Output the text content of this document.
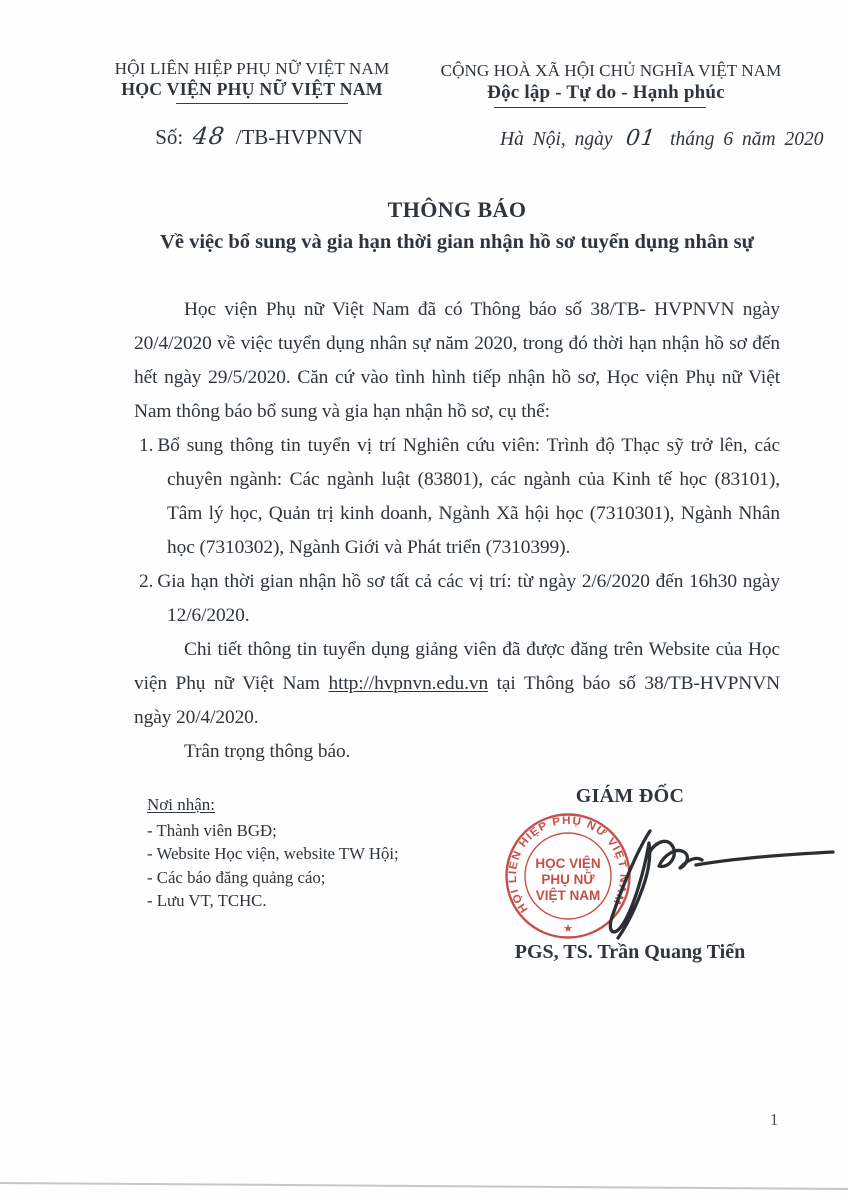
HỘI LIÊN HIỆP PHỤ NỮ VIỆT NAM
HỌC VIỆN PHỤ NỮ VIỆT NAM
Số: 48 /TB-HVPNVN
CỘNG HOÀ XÃ HỘI CHỦ NGHĨA VIỆT NAM
Độc lập - Tự do - Hạnh phúc
Hà Nội, ngày 01 tháng 6 năm 2020
THÔNG BÁO
Về việc bổ sung và gia hạn thời gian nhận hồ sơ tuyển dụng nhân sự

Học viện Phụ nữ Việt Nam đã có Thông báo số 38/TB- HVPNVN ngày 20/4/2020 về việc tuyển dụng nhân sự năm 2020, trong đó thời hạn nhận hồ sơ đến hết ngày 29/5/2020. Căn cứ vào tình hình tiếp nhận hồ sơ, Học viện Phụ nữ Việt Nam thông báo bổ sung và gia hạn nhận hồ sơ, cụ thể:

1. Bổ sung thông tin tuyển vị trí Nghiên cứu viên: Trình độ Thạc sỹ trở lên, các chuyên ngành: Các ngành luật (83801), các ngành của Kinh tế học (83101), Tâm lý học, Quản trị kinh doanh, Ngành Xã hội học (7310301), Ngành Nhân học (7310302), Ngành Giới và Phát triển (7310399).
2. Gia hạn thời gian nhận hồ sơ tất cả các vị trí: từ ngày 2/6/2020 đến 16h30 ngày 12/6/2020.

Chi tiết thông tin tuyển dụng giảng viên đã được đăng trên Website của Học viện Phụ nữ Việt Nam http://hvpnvn.edu.vn tại Thông báo số 38/TB-HVPNVN ngày 20/4/2020.

Trân trọng thông báo.

Nơi nhận:
- Thành viên BGĐ;
- Website Học viện, website TW Hội;
- Các báo đăng quảng cáo;
- Lưu VT, TCHC.
GIÁM ĐỐC
HỘI LIÊN HIỆP PHỤ NỮ VIỆT NAM
HỌC VIỆN
PHỤ NỮ
VIỆT NAM
★
PGS, TS. Trần Quang Tiến
1
